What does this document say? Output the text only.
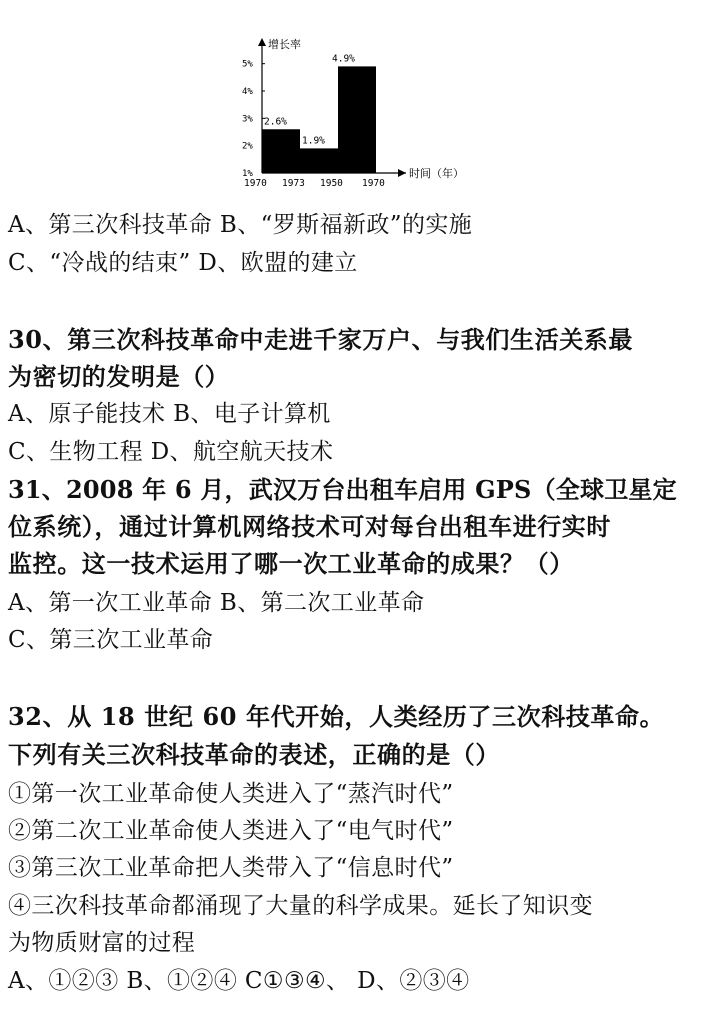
增长率
时间（年）
1%
2%
3%
4%
5%
2.6%
1.9%
4.9%
1970 1973 1950 1970
A、第三次科技革命 B、“罗斯福新政”的实施
C、“冷战的结束” D、欧盟的建立
30、第三次科技革命中走进千家万户、与我们生活关系最
为密切的发明是（）
A、原子能技术 B、电子计算机
C、生物工程 D、航空航天技术
31、2008 年 6 月，武汉万台出租车启用 GPS（全球卫星定
位系统），通过计算机网络技术可对每台出租车进行实时
监控。这一技术运用了哪一次工业革命的成果？（）
A、第一次工业革命 B、第二次工业革命
C、第三次工业革命
32、从 18 世纪 60 年代开始，人类经历了三次科技革命。
下列有关三次科技革命的表述，正确的是（）
①第一次工业革命使人类进入了“蒸汽时代”
②第二次工业革命使人类进入了“电气时代”
③第三次工业革命把人类带入了“信息时代”
④三次科技革命都涌现了大量的科学成果。延长了知识变
为物质财富的过程
A、①②③ B、①②④ C①③④、 D、②③④
